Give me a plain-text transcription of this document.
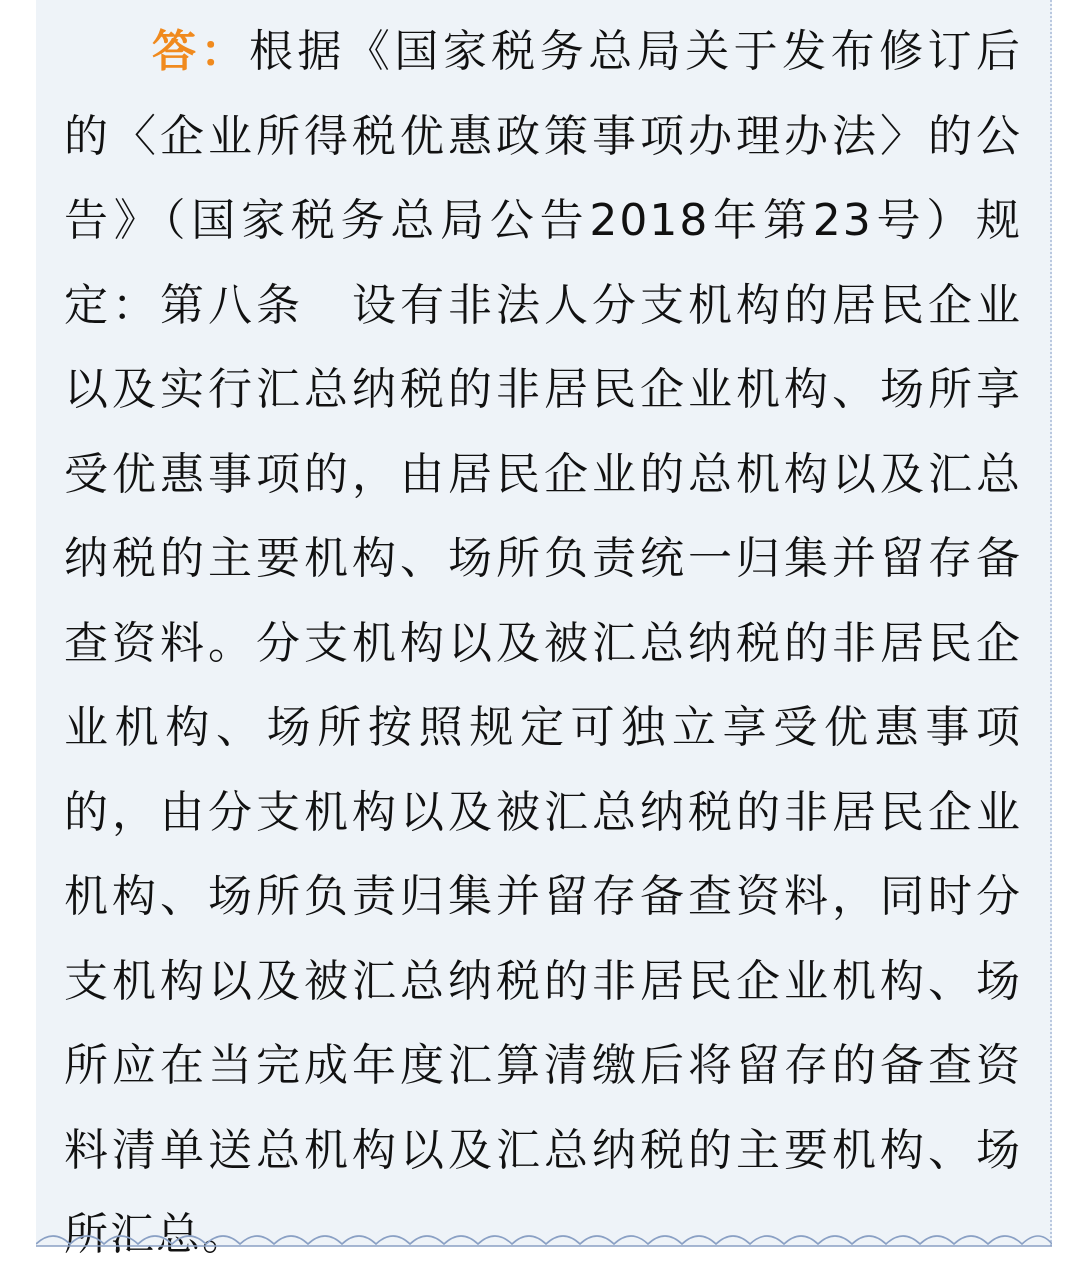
答：根据《国家税务总局关于发布修订后的〈企业所得税优惠政策事项办理办法〉的公告》（国家税务总局公告2018年第23号）规定：第八条　设有非法人分支机构的居民企业以及实行汇总纳税的非居民企业机构、场所享受优惠事项的，由居民企业的总机构以及汇总纳税的主要机构、场所负责统一归集并留存备查资料。分支机构以及被汇总纳税的非居民企业机构、场所按照规定可独立享受优惠事项的，由分支机构以及被汇总纳税的非居民企业机构、场所负责归集并留存备查资料，同时分支机构以及被汇总纳税的非居民企业机构、场所应在当完成年度汇算清缴后将留存的备查资料清单送总机构以及汇总纳税的主要机构、场所汇总。
